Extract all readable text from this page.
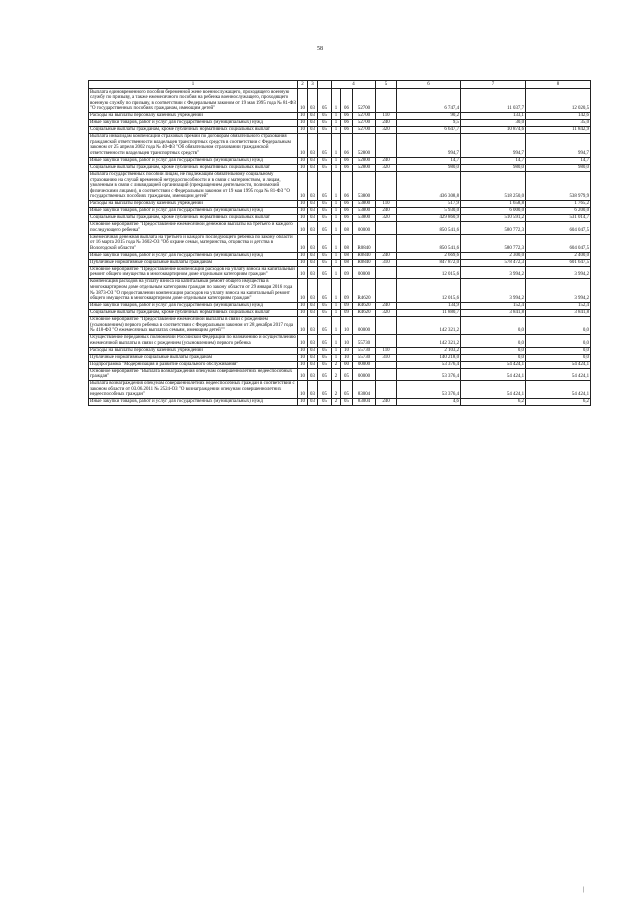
58
1	2	3		4			5	6	7	8
Выплата единовременного пособия беременной жене военнослужащего, проходящего военную службу по призыву, а также ежемесячного пособия на ребенка военнослужащего, проходящего военную службу по призыву, в соответствии с Федеральным законом от 19 мая 1995 года № 81-ФЗ "О государственных пособиях гражданам, имеющим детей"	10	03	05	1	06	52700		6 747,4	11 037,7	12 020,5
Расходы на выплаты персоналу казенных учреждений	10	03	05	1	06	52700	110	90,2	133,1	142,6
Иные закупки товаров, работ и услуг для государственных (муниципальных) нужд	10	03	05	1	06	52700	240	9,5	30,0	35,0
Социальные выплаты гражданам, кроме публичных нормативных социальных выплат	10	03	05	1	06	52700	320	6 647,7	10 874,6	11 842,9
Выплата инвалидам компенсаций страховых премий по договорам обязательного страхования гражданской ответственности владельцев транспортных средств в соответствии с Федеральным законом от 25 апреля 2002 года № 40-ФЗ "Об обязательном страховании гражданской ответственности владельцев транспортных средств"	10	03	05	1	06	52800		994,7	994,7	994,7
Иные закупки товаров, работ и услуг для государственных (муниципальных) нужд	10	03	05	1	06	52800	240	14,7	14,7	14,7
Социальные выплаты гражданам, кроме публичных нормативных социальных выплат	10	03	05	1	06	52800	320	980,0	980,0	980,0
Выплата государственных пособий лицам, не подлежащим обязательному социальному страхованию на случай временной нетрудоспособности и в связи с материнством, и лицам, уволенным в связи с ликвидацией организаций (прекращением деятельности, полномочий физическими лицами), в соответствии с Федеральным законом от 19 мая 1995 года № 81-ФЗ "О государственных пособиях гражданам, имеющим детей"	10	03	05	1	06	53800		436 308,8	518 250,0	538 979,9
Расходы на выплаты персоналу казенных учреждений	10	03	05	1	06	53800	110	517,9	1 658,8	1 765,2
Иные закупки товаров, работ и услуг для государственных (муниципальных) нужд	10	03	05	1	06	53800	240	5 930,0	6 000,0	6 200,0
Социальные выплаты гражданам, кроме публичных нормативных социальных выплат	10	03	05	1	06	53800	320	429 860,9	510 591,2	531 014,7
Основное мероприятие "Предоставление ежемесячной денежной выплаты на третьего и каждого последующего ребенка"	10	03	05	1	08	00000		850 541,6	580 772,3	604 047,5
Ежемесячная денежная выплата на третьего и каждого последующего ребенка по закону области от 16 марта 2015 года № 3602-ОЗ "Об охране семьи, материнства, отцовства и детства в Вологодской области"	10	03	05	1	08	R0840		850 541,6	580 772,3	604 047,5
Иные закупки товаров, работ и услуг для государственных (муниципальных) нужд	10	03	05	1	08	R0840	240	2 669,6	2 300,0	2 400,0
Публичные нормативные социальные выплаты гражданам	10	03	05	1	08	R0840	310	847 872,0	578 472,3	601 647,5
Основное мероприятие "Предоставление компенсации расходов на уплату взноса на капитальный ремонт общего имущества в многоквартирном доме отдельным категориям граждан"	10	03	05	1	09	00000		12 015,6	3 994,2	3 994,2
Компенсация расходов на уплату взноса на капитальный ремонт общего имущества в многоквартирном доме отдельным категориям граждан по закону области от 29 января 2016 года № 3873-ОЗ "О предоставлении компенсации расходов на уплату взноса на капитальный ремонт общего имущества в многоквартирном доме отдельным категориям граждан"	10	03	05	1	09	R4620		12 015,6	3 994,2	3 994,2
Иные закупки товаров, работ и услуг для государственных (муниципальных) нужд	10	03	05	1	09	R4620	240	134,9	152,4	152,4
Социальные выплаты гражданам, кроме публичных нормативных социальных выплат	10	03	05	1	09	R4620	320	11 880,7	3 841,8	3 841,8
Основное мероприятие "Предоставление ежемесячной выплаты в связи с рождением (усыновлением) первого ребенка в соответствии с Федеральным законом от 28 декабря 2017 года № 418-ФЗ "О ежемесячных выплатах семьям, имеющим детей""	10	03	05	1	10	00000		142 321,2	0,0	0,0
Осуществление переданных полномочий Российской Федерации по назначению и осуществлению ежемесячной выплаты в связи с рождением (усыновлением) первого ребенка	10	03	05	1	10	55730		142 321,2	0,0	0,0
Расходы на выплаты персоналу казенных учреждений	10	03	05	1	10	55730	110	2 103,2	0,0	0,0
Публичные нормативные социальные выплаты гражданам	10	03	05	1	10	55730	310	140 218,0	0,0	0,0
Подпрограмма "Модернизация и развитие социального обслуживания"	10	03	05	2	00	00000		53 376,4	54 424,1	54 424,1
Основное мероприятие "Выплата вознаграждения опекунам совершеннолетних недееспособных граждан"	10	03	05	2	05	00000		53 376,4	54 424,1	54 424,1
Выплата вознаграждения опекунам совершеннолетних недееспособных граждан в соответствии с законом области от 03.06.2011 № 2524-ОЗ "О вознаграждении опекунам совершеннолетних недееспособных граждан"	10	03	05	2	05	83004		53 376,4	54 424,1	54 424,1
Иные закупки товаров, работ и услуг для государственных (муниципальных) нужд	10	03	05	2	05	83004	240	4,6	6,2	6,2
|
